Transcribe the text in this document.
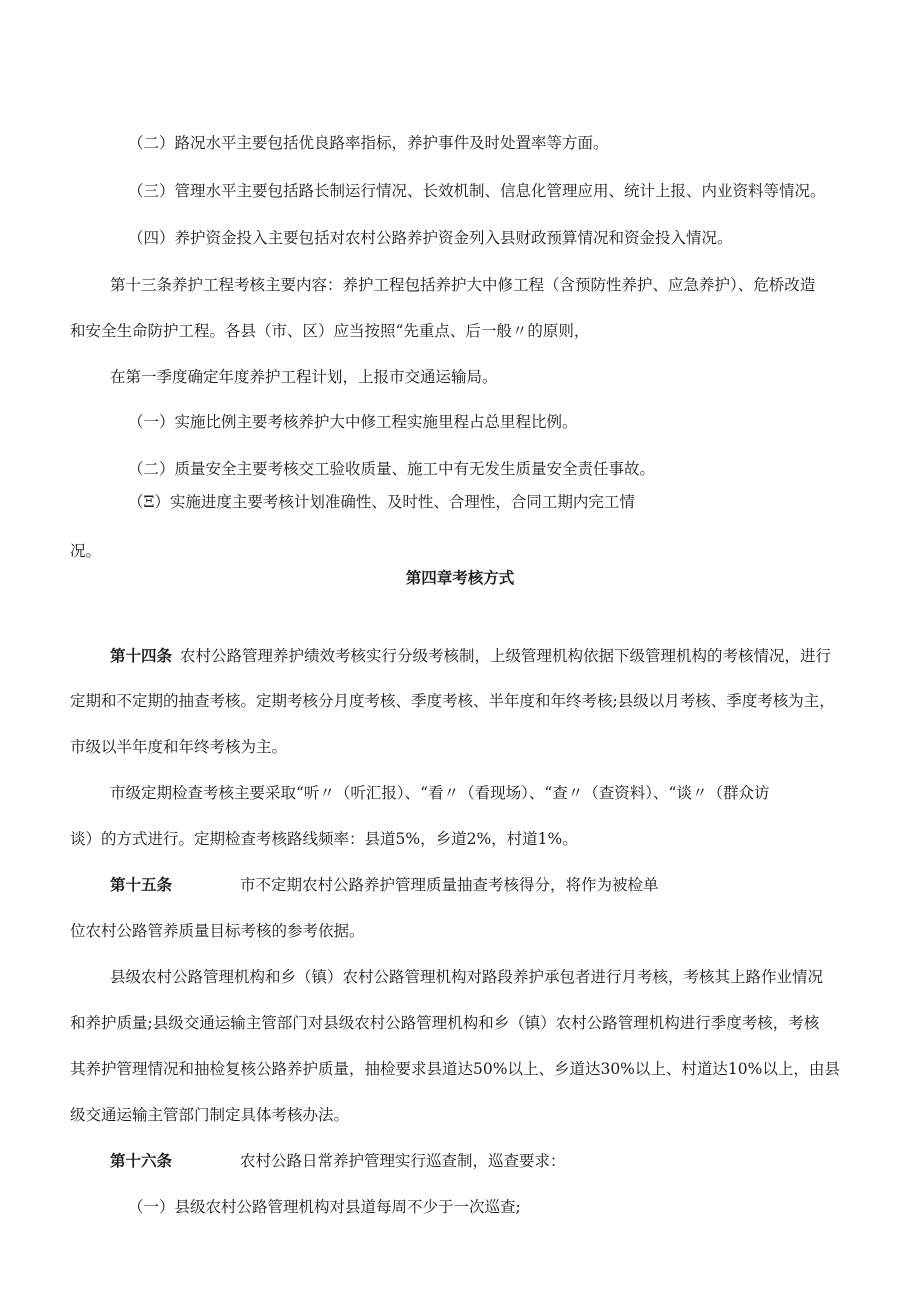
（二）路况水平主要包括优良路率指标，养护事件及时处置率等方面。
（三）管理水平主要包括路长制运行情况、长效机制、信息化管理应用、统计上报、内业资料等情况。
（四）养护资金投入主要包括对农村公路养护资金列入县财政预算情况和资金投入情况。
第十三条养护工程考核主要内容：养护工程包括养护大中修工程（含预防性养护、应急养护）、危桥改造
和安全生命防护工程。各县（市、区）应当按照“先重点、后一般〃的原则，
在第一季度确定年度养护工程计划，上报市交通运输局。
（一）实施比例主要考核养护大中修工程实施里程占总里程比例。
（二）质量安全主要考核交工验收质量、施工中有无发生质量安全责任事故。
（Ξ）实施进度主要考核计划准确性、及时性、合理性，合同工期内完工情
况。
第四章考核方式
第十四条 农村公路管理养护绩效考核实行分级考核制，上级管理机构依据下级管理机构的考核情况，进行
定期和不定期的抽查考核。定期考核分月度考核、季度考核、半年度和年终考核;县级以月考核、季度考核为主，
市级以半年度和年终考核为主。
市级定期检查考核主要采取“听〃（听汇报）、“看〃（看现场）、“查〃（查资料）、“谈〃（群众访
谈）的方式进行。定期检查考核路线频率：县道5%，乡道2%，村道1%。
第十五条	市不定期农村公路养护管理质量抽查考核得分，将作为被检单
位农村公路管养质量目标考核的参考依据。
县级农村公路管理机构和乡（镇）农村公路管理机构对路段养护承包者进行月考核，考核其上路作业情况
和养护质量;县级交通运输主管部门对县级农村公路管理机构和乡（镇）农村公路管理机构进行季度考核，考核
其养护管理情况和抽检复核公路养护质量，抽检要求县道达50%以上、乡道达30%以上、村道达10%以上，由县
级交通运输主管部门制定具体考核办法。
第十六条	农村公路日常养护管理实行巡查制，巡查要求：
（一）县级农村公路管理机构对县道每周不少于一次巡查;
